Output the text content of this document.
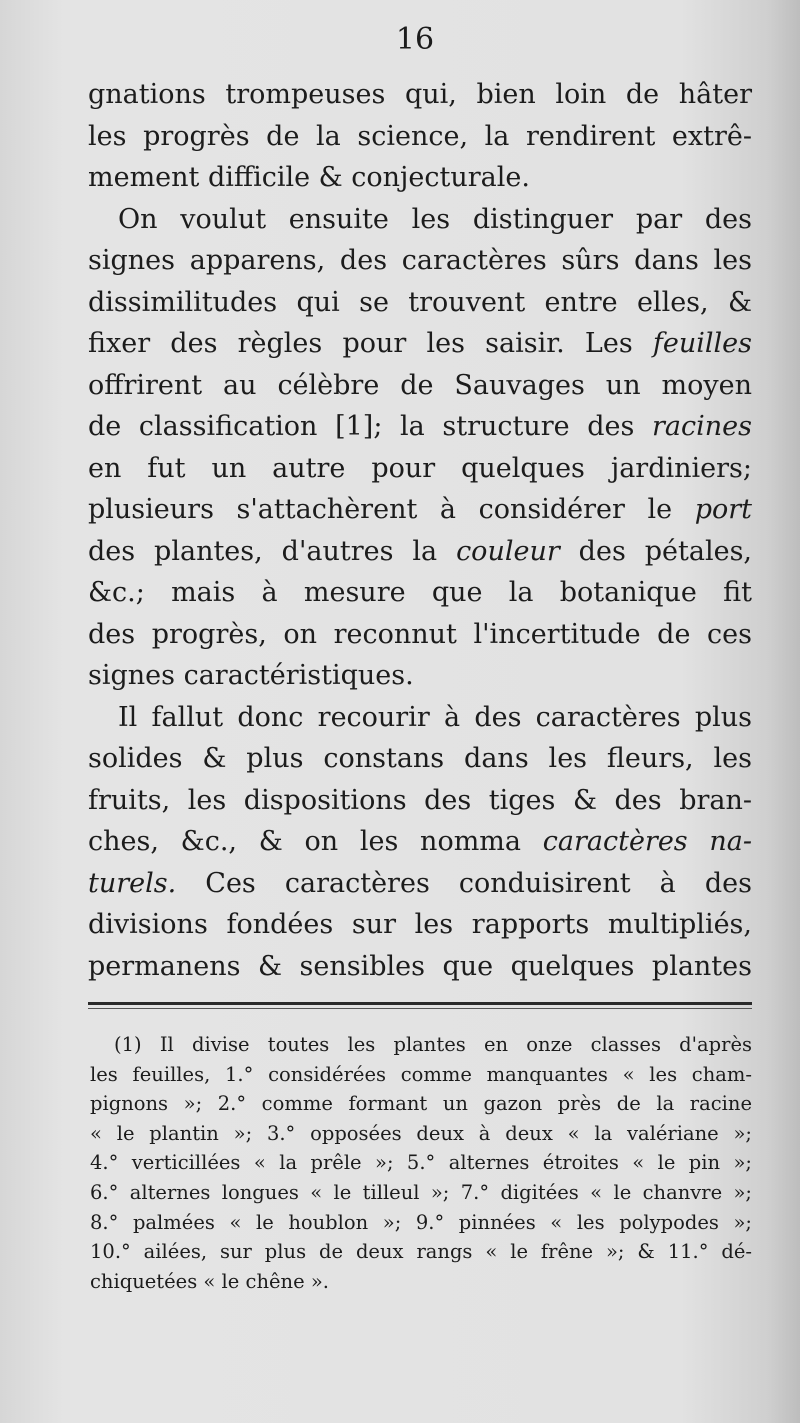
16
gnations trompeuses qui, bien loin de hâter
les progrès de la science, la rendirent extrê-
mement difficile & conjecturale.
On voulut ensuite les distinguer par des
signes apparens, des caractères sûrs dans les
dissimilitudes qui se trouvent entre elles, &
fixer des règles pour les saisir. Les feuilles
offrirent au célèbre de Sauvages un moyen
de classification [1]; la structure des racines
en fut un autre pour quelques jardiniers;
plusieurs s'attachèrent à considérer le port
des plantes, d'autres la couleur des pétales,
&c.; mais à mesure que la botanique fit
des progrès, on reconnut l'incertitude de ces
signes caractéristiques.
Il fallut donc recourir à des caractères plus
solides & plus constans dans les fleurs, les
fruits, les dispositions des tiges & des bran-
ches, &c., & on les nomma caractères na-
turels. Ces caractères conduisirent à des
divisions fondées sur les rapports multipliés,
permanens & sensibles que quelques plantes
(1) Il divise toutes les plantes en onze classes d'après
les feuilles, 1.° considérées comme manquantes « les cham-
pignons »; 2.° comme formant un gazon près de la racine
« le plantin »; 3.° opposées deux à deux « la valériane »;
4.° verticillées « la prêle »; 5.° alternes étroites « le pin »;
6.° alternes longues « le tilleul »; 7.° digitées « le chanvre »;
8.° palmées « le houblon »; 9.° pinnées « les polypodes »;
10.° ailées, sur plus de deux rangs « le frêne »; & 11.° dé-
chiquetées « le chêne ».
